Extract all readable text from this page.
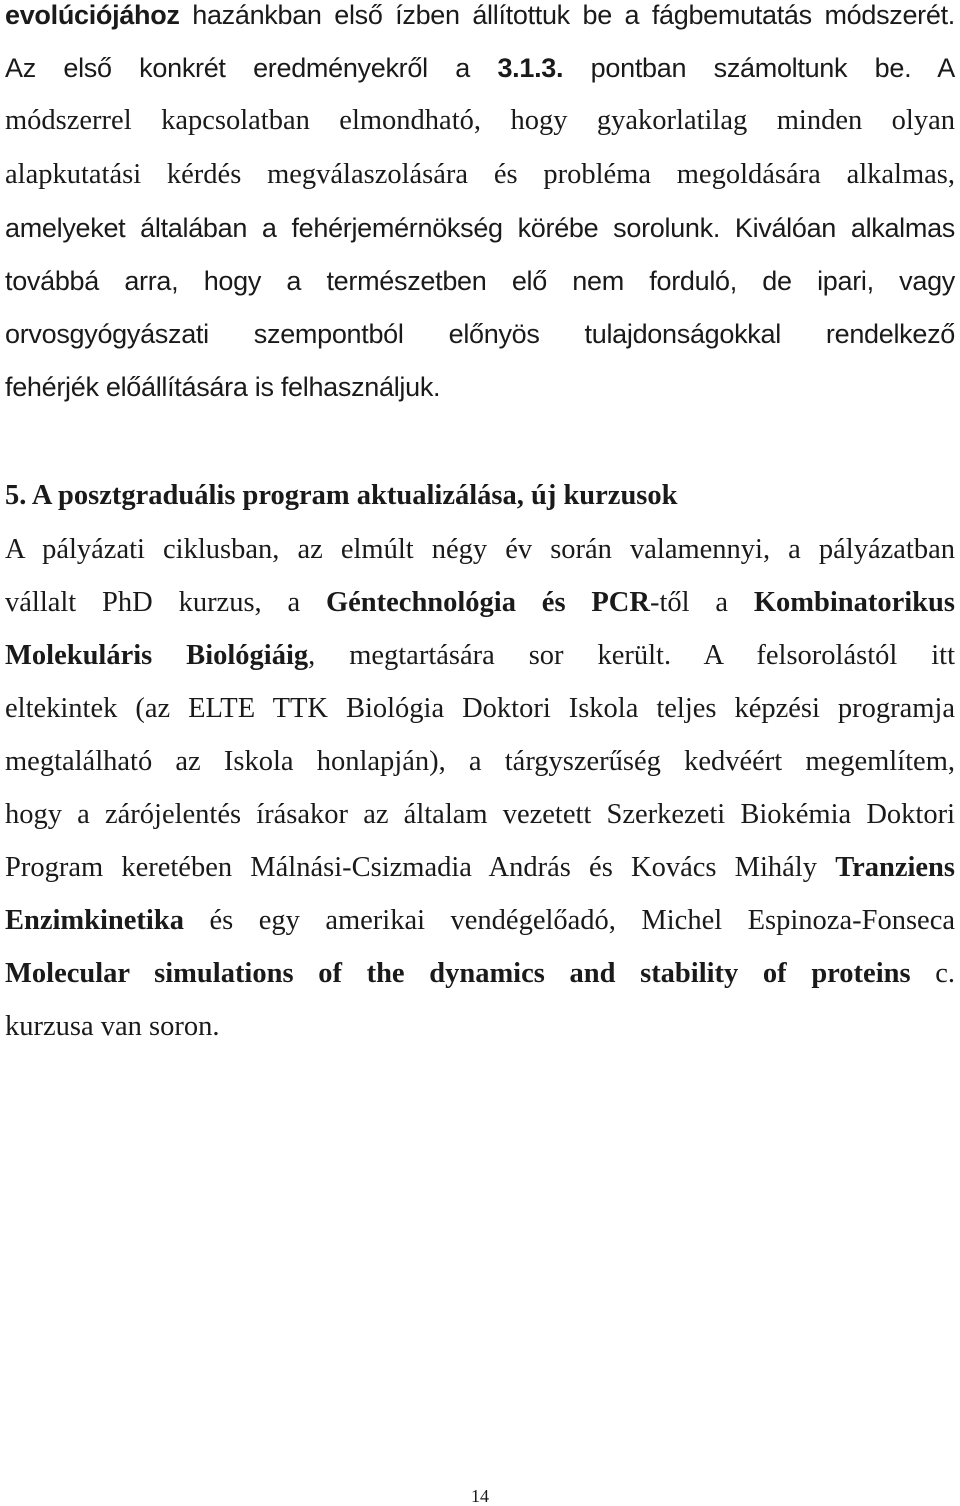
evolúciójához hazánkban első ízben állítottuk be a fágbemutatás módszerét.
Az első konkrét eredményekről a 3.1.3. pontban számoltunk be. A
módszerrel kapcsolatban elmondható, hogy gyakorlatilag minden olyan
alapkutatási kérdés megválaszolására és probléma megoldására alkalmas,
amelyeket általában a fehérjemérnökség körébe sorolunk. Kiválóan alkalmas
továbbá arra, hogy a természetben elő nem forduló, de ipari, vagy
orvosgyógyászati szempontból előnyös tulajdonságokkal rendelkező
fehérjék előállítására is felhasználjuk.
5. A posztgraduális program aktualizálása, új kurzusok
A pályázati ciklusban, az elmúlt négy év során valamennyi, a pályázatban
vállalt PhD kurzus, a Géntechnológia és PCR-től a Kombinatorikus
Molekuláris Biológiáig, megtartására sor került. A felsorolástól itt
eltekintek (az ELTE TTK Biológia Doktori Iskola teljes képzési programja
megtalálható az Iskola honlapján), a tárgyszerűség kedvéért megemlítem,
hogy a zárójelentés írásakor az általam vezetett Szerkezeti Biokémia Doktori
Program keretében Málnási-Csizmadia András és Kovács Mihály Tranziens
Enzimkinetika és egy amerikai vendégelőadó, Michel Espinoza-Fonseca
Molecular simulations of the dynamics and stability of proteins c.
kurzusa van soron.
14
